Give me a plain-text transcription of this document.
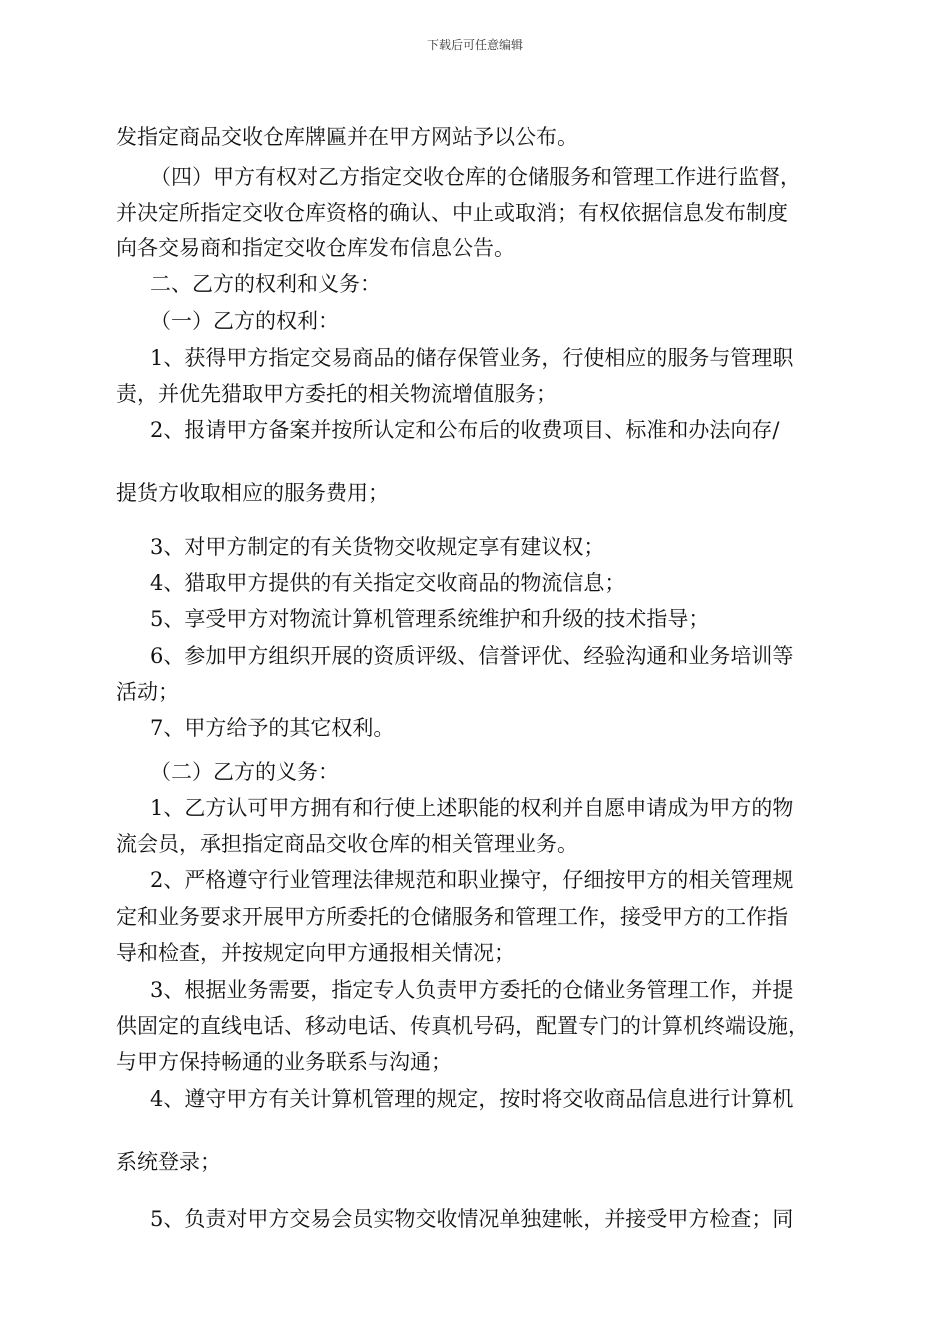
下载后可任意编辑
发指定商品交收仓库牌匾并在甲方网站予以公布。
（四）甲方有权对乙方指定交收仓库的仓储服务和管理工作进行监督，
并决定所指定交收仓库资格的确认、中止或取消；有权依据信息发布制度
向各交易商和指定交收仓库发布信息公告。
二、乙方的权利和义务：
（一）乙方的权利：
1、获得甲方指定交易商品的储存保管业务，行使相应的服务与管理职
责，并优先猎取甲方委托的相关物流增值服务；
2、报请甲方备案并按所认定和公布后的收费项目、标准和办法向存/
提货方收取相应的服务费用；
3、对甲方制定的有关货物交收规定享有建议权；
4、猎取甲方提供的有关指定交收商品的物流信息；
5、享受甲方对物流计算机管理系统维护和升级的技术指导；
6、参加甲方组织开展的资质评级、信誉评优、经验沟通和业务培训等
活动；
7、甲方给予的其它权利。
（二）乙方的义务：
1、乙方认可甲方拥有和行使上述职能的权利并自愿申请成为甲方的物
流会员，承担指定商品交收仓库的相关管理业务。
2、严格遵守行业管理法律规范和职业操守，仔细按甲方的相关管理规
定和业务要求开展甲方所委托的仓储服务和管理工作，接受甲方的工作指
导和检查，并按规定向甲方通报相关情况；
3、根据业务需要，指定专人负责甲方委托的仓储业务管理工作，并提
供固定的直线电话、移动电话、传真机号码，配置专门的计算机终端设施，
与甲方保持畅通的业务联系与沟通；
4、遵守甲方有关计算机管理的规定，按时将交收商品信息进行计算机
系统登录；
5、负责对甲方交易会员实物交收情况单独建帐，并接受甲方检查；同
